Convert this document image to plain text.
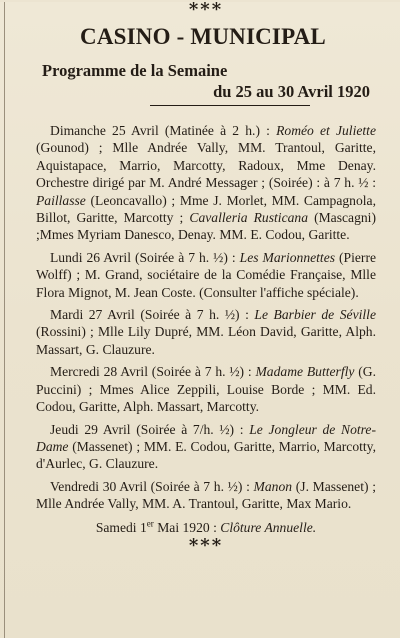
***
CASINO - MUNICIPAL
Programme de la Semaine
du 25 au 30 Avril 1920
Dimanche 25 Avril (Matinée à 2 h.) : Roméo et Juliette (Gounod) ; Mlle Andrée Vally, MM. Trantoul, Garitte, Aquistapace, Marrio, Marcotty, Radoux, Mme Denay. Orchestre dirigé par M. André Messager ; (Soirée) : à 7 h. ½ : Paillasse (Leoncavallo) ; Mme J. Morlet, MM. Campagnola, Billot, Garitte, Marcotty ; Cavalleria Rusticana (Mascagni) ;Mmes Myriam Danesco, Denay. MM. E. Codou, Garitte.
Lundi 26 Avril (Soirée à 7 h. ½) : Les Marionnettes (Pierre Wolff) ; M. Grand, sociétaire de la Comédie Française, Mlle Flora Mignot, M. Jean Coste. (Consulter l'affiche spéciale).
Mardi 27 Avril (Soirée à 7 h. ½) : Le Barbier de Séville (Rossini) ; Mlle Lily Dupré, MM. Léon David, Garitte, Alph. Massart, G. Clauzure.
Mercredi 28 Avril (Soirée à 7 h. ½) : Madame Butterfly (G. Puccini) ; Mmes Alice Zeppili, Louise Borde ; MM. Ed. Codou, Garitte, Alph. Massart, Marcotty.
Jeudi 29 Avril (Soirée à 7/h. ½) : Le Jongleur de Notre-Dame (Massenet) ; MM. E. Codou, Garitte, Marrio, Marcotty, d'Aurlec, G. Clauzure.
Vendredi 30 Avril (Soirée à 7 h. ½) : Manon (J. Massenet) ; Mlle Andrée Vally, MM. A. Trantoul, Garitte, Max Mario.
Samedi 1er Mai 1920 : Clôture Annuelle.
***
